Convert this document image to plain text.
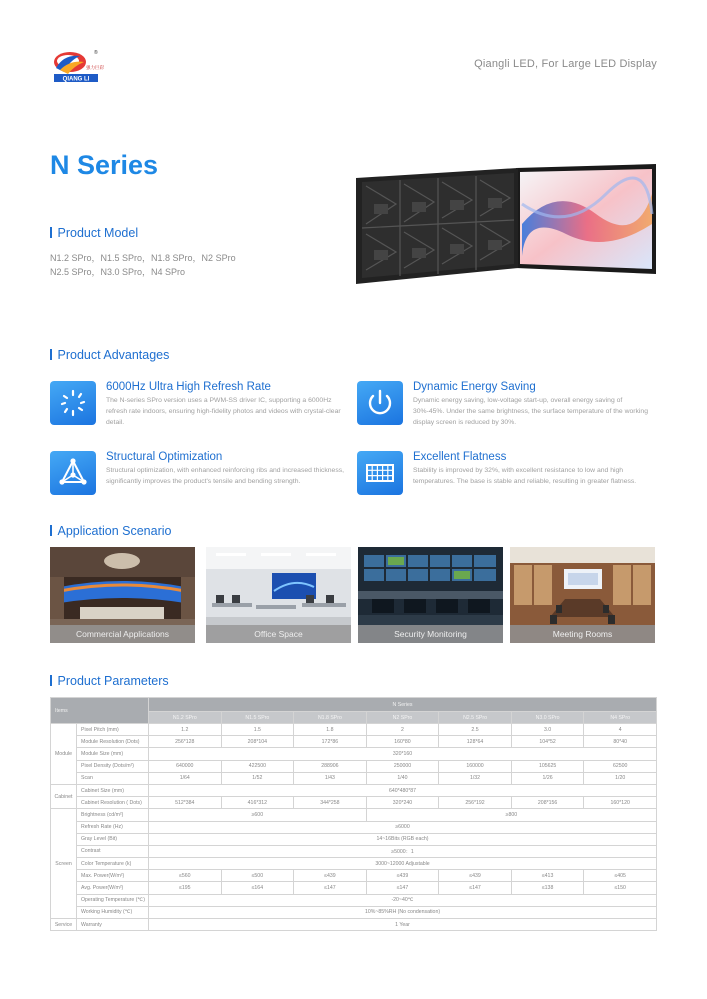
QIANG LI
强力巨彩
®
Qiangli LED, For Large LED Display
N Series
Product Model
N1.2 SPro，N1.5 SPro，N1.8 SPro，N2 SPro
N2.5 SPro，N3.0 SPro，N4 SPro
Product Advantages
6000Hz Ultra High Refresh Rate
The N-series SPro version uses a PWM-SS driver IC, supporting a 6000Hz refresh rate indoors, ensuring high-fidelity photos and videos with crystal-clear detail.
Dynamic Energy Saving
Dynamic energy saving, low-voltage start-up, overall energy saving of 30%-45%. Under the same brightness, the surface temperature of the working display screen is reduced by 30%.
Structural Optimization
Structural optimization, with enhanced reinforcing ribs and increased thickness, significantly improves the product's tensile and bending strength.
Excellent Flatness
Stability is improved by 32%, with excellent resistance to low and high temperatures. The base is stable and reliable, resulting in greater flatness.
Application Scenario
Commercial Applications	Office Space	Security Monitoring	Meeting Rooms
Product Parameters
Items		N Series						
		N1.2 SPro	N1.5 SPro	N1.8 SPro	N2 SPro	N2.5 SPro	N3.0 SPro	N4 SPro
Module	Pixel Pitch (mm)	1.2	1.5	1.8	2	2.5	3.0	4
	Module Resolution (Dots)	256*128	208*104	172*86	160*80	128*64	104*52	80*40
	Module Size (mm)	320*160						
	Pixel Density (Dots/m²)	640000	422500	288906	250000	160000	105625	62500
	Scan	1/64	1/52	1/43	1/40	1/32	1/26	1/20
Cabinet	Cabinet Size (mm)	640*480*87						
	Cabinet Resolution ( Dots)	512*384	416*312	344*258	320*240	256*192	208*156	160*120
Screen	Brightness (cd/m²)	≥600			≥800			
	Refresh Rate (Hz)	≥6000						
	Gray Level (Bit)	14~16Bits (RGB each)						
	Contrast	≥5000：1						
	Color Temperature (k)	3000~12000 Adjustable						
	Max. Power(W/m²)	≤560	≤500	≤439	≤439	≤439	≤413	≤405
	Avg. Power(W/m²)	≤195	≤164	≤147	≤147	≤147	≤138	≤150
	Operating Temperature (℃)	-20~40℃						
	Working Humidity (℃)	10%~85%RH (No condensation)						
Service	Warranty	1 Year						
